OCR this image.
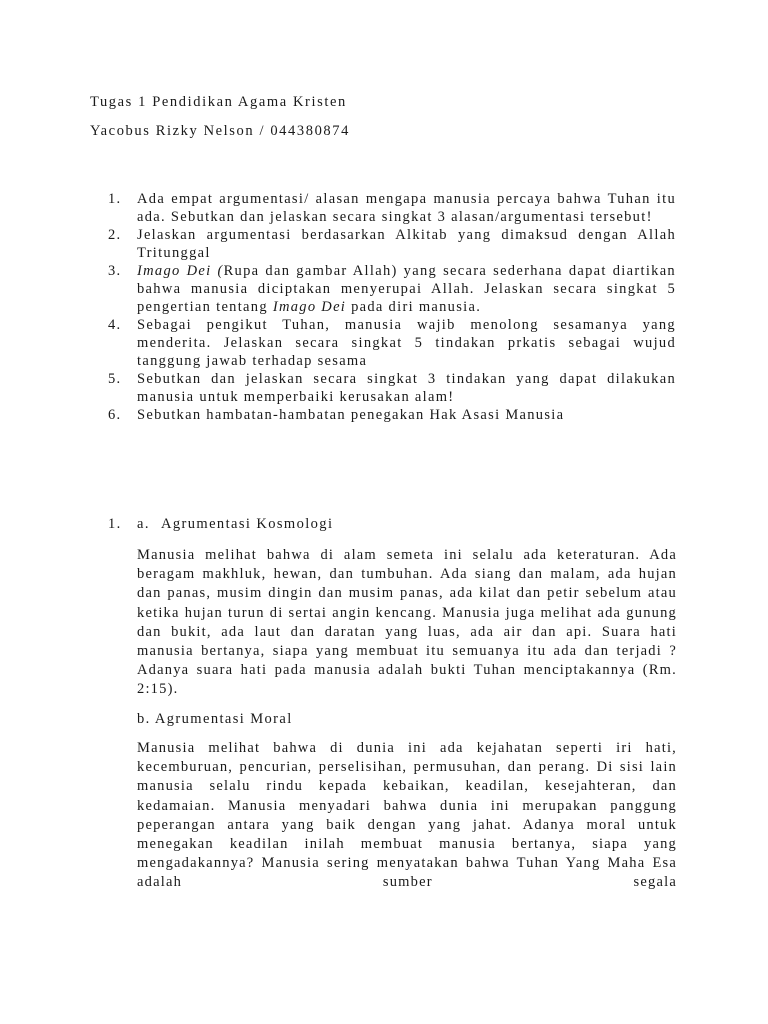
Tugas 1 Pendidikan Agama Kristen
Yacobus Rizky Nelson / 044380874
1. Ada empat argumentasi/ alasan mengapa manusia percaya bahwa Tuhan itu ada. Sebutkan dan jelaskan secara singkat 3 alasan/argumentasi tersebut!
2. Jelaskan argumentasi berdasarkan Alkitab yang dimaksud dengan Allah Tritunggal
3. Imago Dei (Rupa dan gambar Allah) yang secara sederhana dapat diartikan bahwa manusia diciptakan menyerupai Allah. Jelaskan secara singkat 5 pengertian tentang Imago Dei pada diri manusia.
4. Sebagai pengikut Tuhan, manusia wajib menolong sesamanya yang menderita. Jelaskan secara singkat 5 tindakan prkatis sebagai wujud tanggung jawab terhadap sesama
5. Sebutkan dan jelaskan secara singkat 3 tindakan yang dapat dilakukan manusia untuk memperbaiki kerusakan alam!
6. Sebutkan hambatan-hambatan penegakan Hak Asasi Manusia
1. a. Agrumentasi Kosmologi

Manusia melihat bahwa di alam semeta ini selalu ada keteraturan. Ada beragam makhluk, hewan, dan tumbuhan. Ada siang dan malam, ada hujan dan panas, musim dingin dan musim panas, ada kilat dan petir sebelum atau ketika hujan turun di sertai angin kencang. Manusia juga melihat ada gunung dan bukit, ada laut dan daratan yang luas, ada air dan api. Suara hati manusia bertanya, siapa yang membuat itu semuanya itu ada dan terjadi ? Adanya suara hati pada manusia adalah bukti Tuhan menciptakannya (Rm. 2:15).

b. Agrumentasi Moral

Manusia melihat bahwa di dunia ini ada kejahatan seperti iri hati, kecemburuan, pencurian, perselisihan, permusuhan, dan perang. Di sisi lain manusia selalu rindu kepada kebaikan, keadilan, kesejahteran, dan kedamaian. Manusia menyadari bahwa dunia ini merupakan panggung peperangan antara yang baik dengan yang jahat. Adanya moral untuk menegakan keadilan inilah membuat manusia bertanya, siapa yang mengadakannya? Manusia sering menyatakan bahwa Tuhan Yang Maha Esa adalah sumber segala
